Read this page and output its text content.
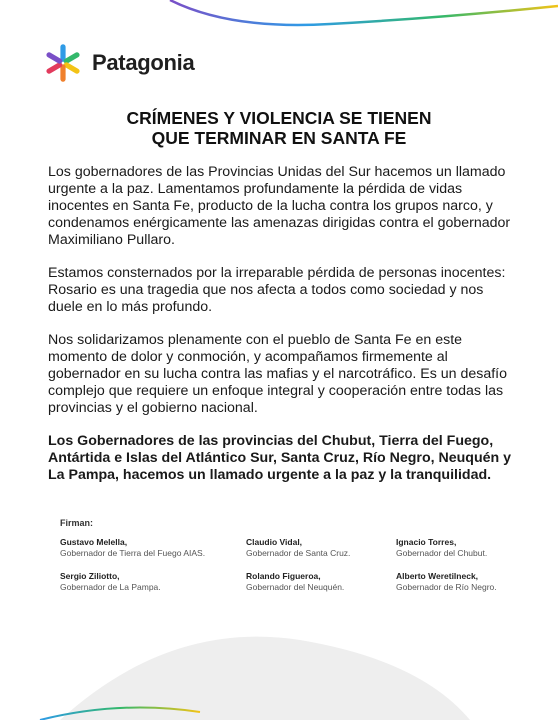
Patagonia
CRÍMENES Y VIOLENCIA SE TIENEN
QUE TERMINAR EN SANTA FE
Los gobernadores de las Provincias Unidas del Sur hacemos un llamado urgente a la paz. Lamentamos profundamente la pérdida de vidas inocentes en Santa Fe, producto de la lucha contra los grupos narco, y condenamos enérgicamente las amenazas dirigidas contra el gobernador Maximiliano Pullaro.
Estamos consternados por la irreparable pérdida de personas inocentes: Rosario es una tragedia que nos afecta a todos como sociedad y nos duele en lo más profundo.
Nos solidarizamos plenamente con el pueblo de Santa Fe en este momento de dolor y conmoción, y acompañamos firmemente al gobernador en su lucha contra las mafias y el narcotráfico. Es un desafío complejo que requiere un enfoque integral y cooperación entre todas las provincias y el gobierno nacional.
Los Gobernadores de las provincias del Chubut, Tierra del Fuego, Antártida e Islas del Atlántico Sur, Santa Cruz, Río Negro, Neuquén y La Pampa, hacemos un llamado urgente a la paz y la tranquilidad.
Firman:
Gustavo Melella,
Gobernador de Tierra del Fuego AIAS.
Claudio Vidal,
Gobernador de Santa Cruz.
Ignacio Torres,
Gobernador del Chubut.
Sergio Ziliotto,
Gobernador de La Pampa.
Rolando Figueroa,
Gobernador del Neuquén.
Alberto Weretilneck,
Gobernador de Río Negro.
